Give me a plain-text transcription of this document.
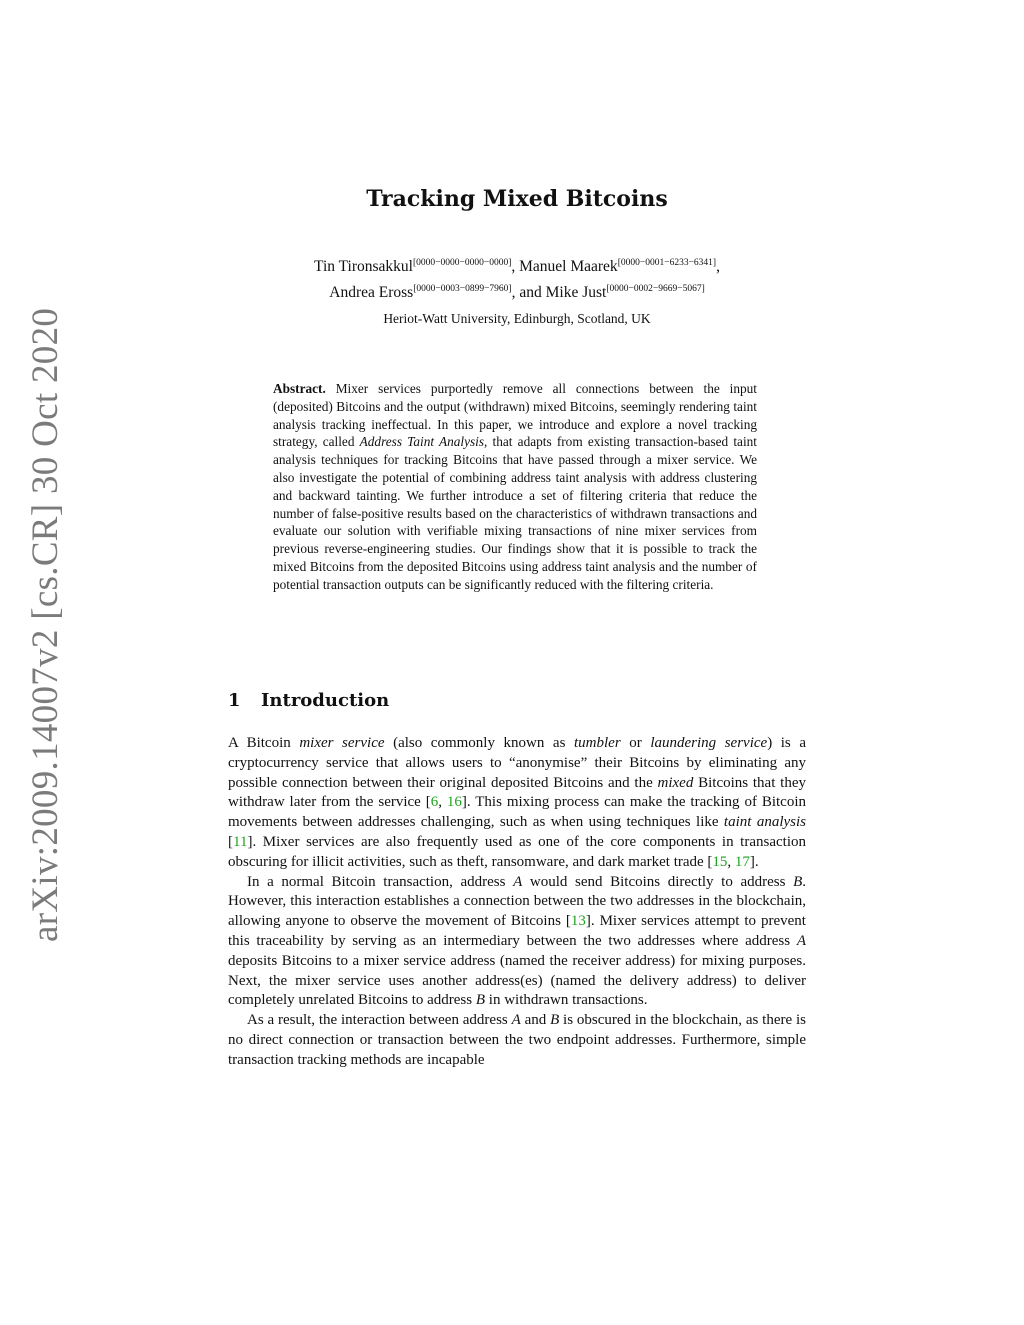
arXiv:2009.14007v2 [cs.CR] 30 Oct 2020
Tracking Mixed Bitcoins
Tin Tironsakkul[0000−0000−0000−0000], Manuel Maarek[0000−0001−6233−6341],
Andrea Eross[0000−0003−0899−7960], and Mike Just[0000−0002−9669−5067]
Heriot-Watt University, Edinburgh, Scotland, UK

Abstract. Mixer services purportedly remove all connections between the input (deposited) Bitcoins and the output (withdrawn) mixed Bitcoins, seemingly rendering taint analysis tracking ineffectual. In this paper, we introduce and explore a novel tracking strategy, called Address Taint Analysis, that adapts from existing transaction-based taint analysis techniques for tracking Bitcoins that have passed through a mixer service. We also investigate the potential of combining address taint analysis with address clustering and backward tainting. We further introduce a set of filtering criteria that reduce the number of false-positive results based on the characteristics of withdrawn transactions and evaluate our solution with verifiable mixing transactions of nine mixer services from previous reverse-engineering studies. Our findings show that it is possible to track the mixed Bitcoins from the deposited Bitcoins using address taint analysis and the number of potential transaction outputs can be significantly reduced with the filtering criteria.

1 Introduction

A Bitcoin mixer service (also commonly known as tumbler or laundering service) is a cryptocurrency service that allows users to “anonymise” their Bitcoins by eliminating any possible connection between their original deposited Bitcoins and the mixed Bitcoins that they withdraw later from the service [6, 16]. This mixing process can make the tracking of Bitcoin movements between addresses challenging, such as when using techniques like taint analysis [11]. Mixer services are also frequently used as one of the core components in transaction obscuring for illicit activities, such as theft, ransomware, and dark market trade [15, 17].

In a normal Bitcoin transaction, address A would send Bitcoins directly to address B. However, this interaction establishes a connection between the two addresses in the blockchain, allowing anyone to observe the movement of Bitcoins [13]. Mixer services attempt to prevent this traceability by serving as an intermediary between the two addresses where address A deposits Bitcoins to a mixer service address (named the receiver address) for mixing purposes. Next, the mixer service uses another address(es) (named the delivery address) to deliver completely unrelated Bitcoins to address B in withdrawn transactions.

As a result, the interaction between address A and B is obscured in the blockchain, as there is no direct connection or transaction between the two endpoint addresses. Furthermore, simple transaction tracking methods are incapable
